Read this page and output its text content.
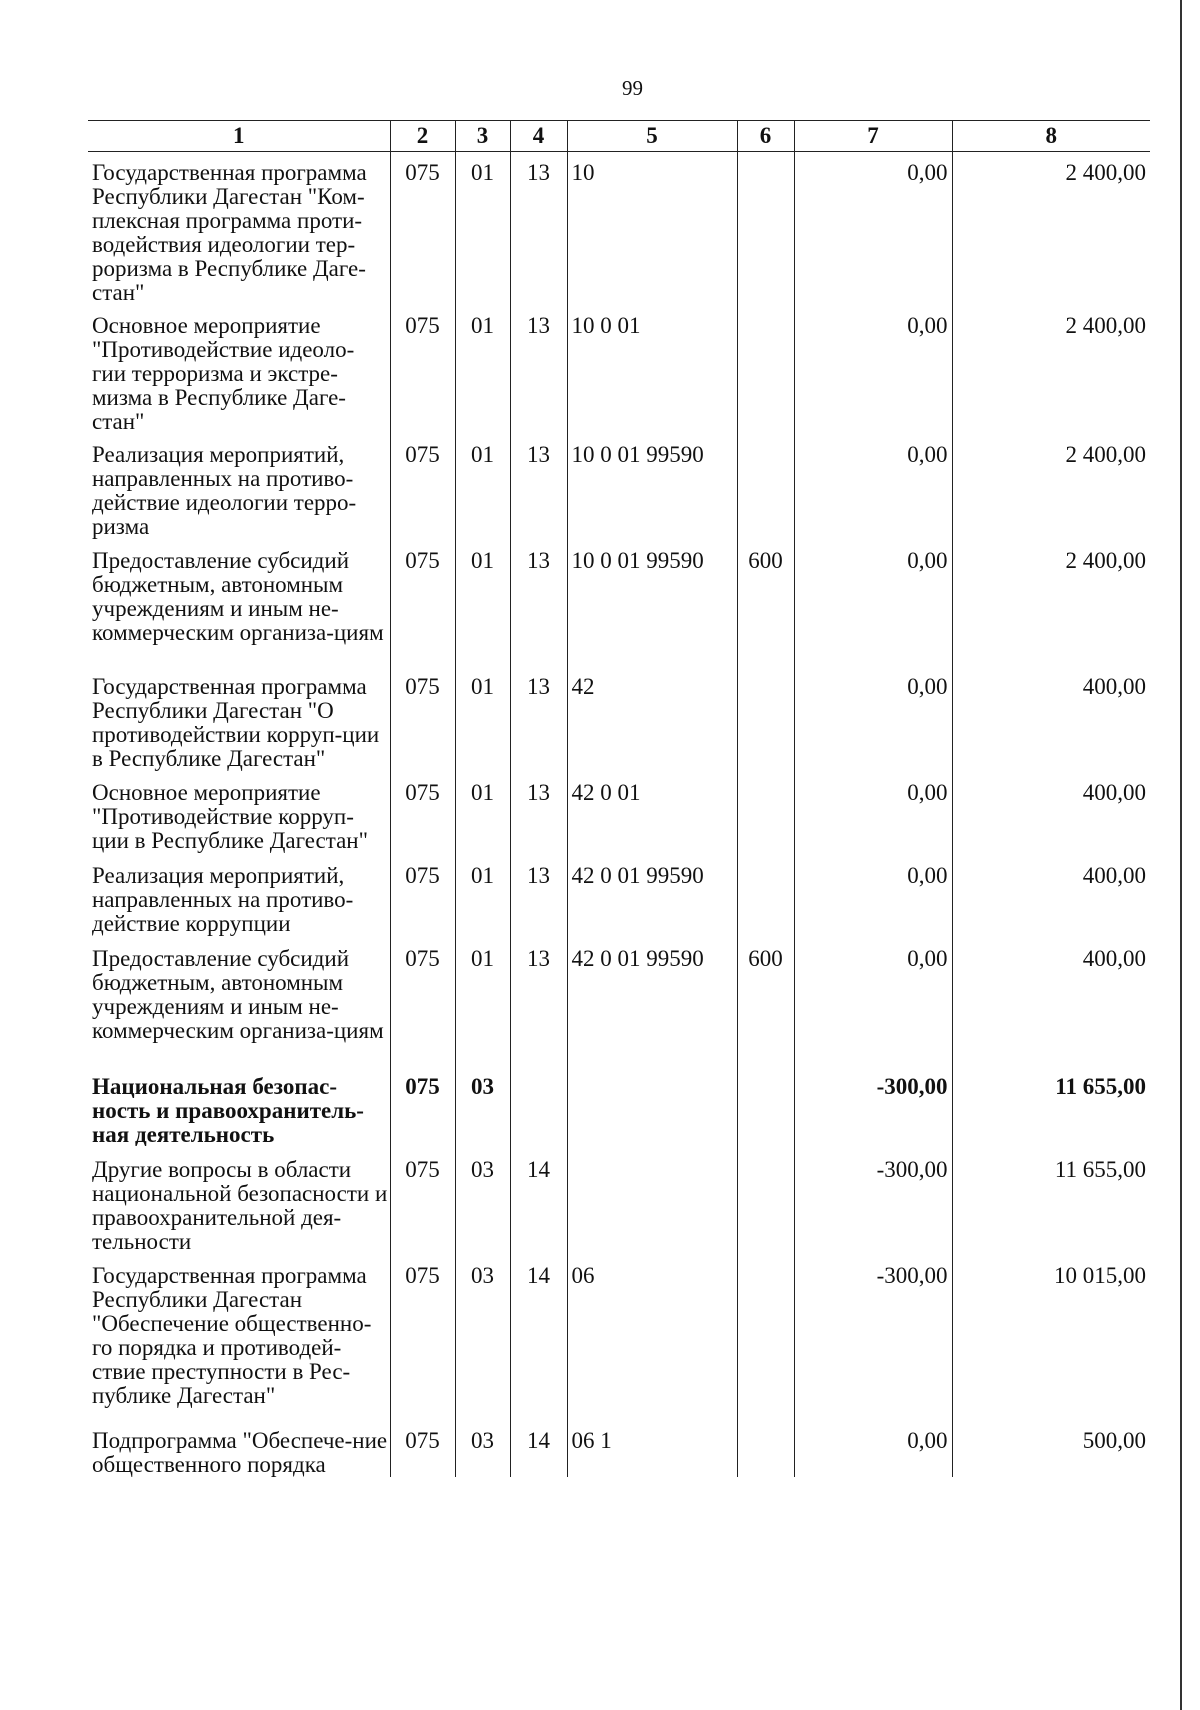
99
1	2	3	4	5	6	7	8
Государственная программа Республики Дагестан "Ком-плексная программа проти-водействия идеологии тер-роризма в Республике Даге-стан"	075	01	13	10		0,00	2 400,00
Основное мероприятие "Противодействие идеоло-гии терроризма и экстре-мизма в Республике Даге-стан"	075	01	13	10 0 01		0,00	2 400,00
Реализация мероприятий, направленных на противо-действие идеологии терро-ризма	075	01	13	10 0 01 99590		0,00	2 400,00
Предоставление субсидий бюджетным, автономным учреждениям и иным не-коммерческим организа-циям	075	01	13	10 0 01 99590	600	0,00	2 400,00
Государственная программа Республики Дагестан "О противодействии корруп-ции в Республике Дагестан"	075	01	13	42		0,00	400,00
Основное мероприятие "Противодействие корруп-ции в Республике Дагестан"	075	01	13	42 0 01		0,00	400,00
Реализация мероприятий, направленных на противо-действие коррупции	075	01	13	42 0 01 99590		0,00	400,00
Предоставление субсидий бюджетным, автономным учреждениям и иным не-коммерческим организа-циям	075	01	13	42 0 01 99590	600	0,00	400,00
Национальная безопас-ность и правоохранитель-ная деятельность	075	03				-300,00	11 655,00
Другие вопросы в области национальной безопасности и правоохранительной дея-тельности	075	03	14			-300,00	11 655,00
Государственная программа Республики Дагестан "Обеспечение общественно-го порядка и противодей-ствие преступности в Рес-публике Дагестан"	075	03	14	06		-300,00	10 015,00
Подпрограмма "Обеспече-ние общественного порядка	075	03	14	06 1		0,00	500,00
